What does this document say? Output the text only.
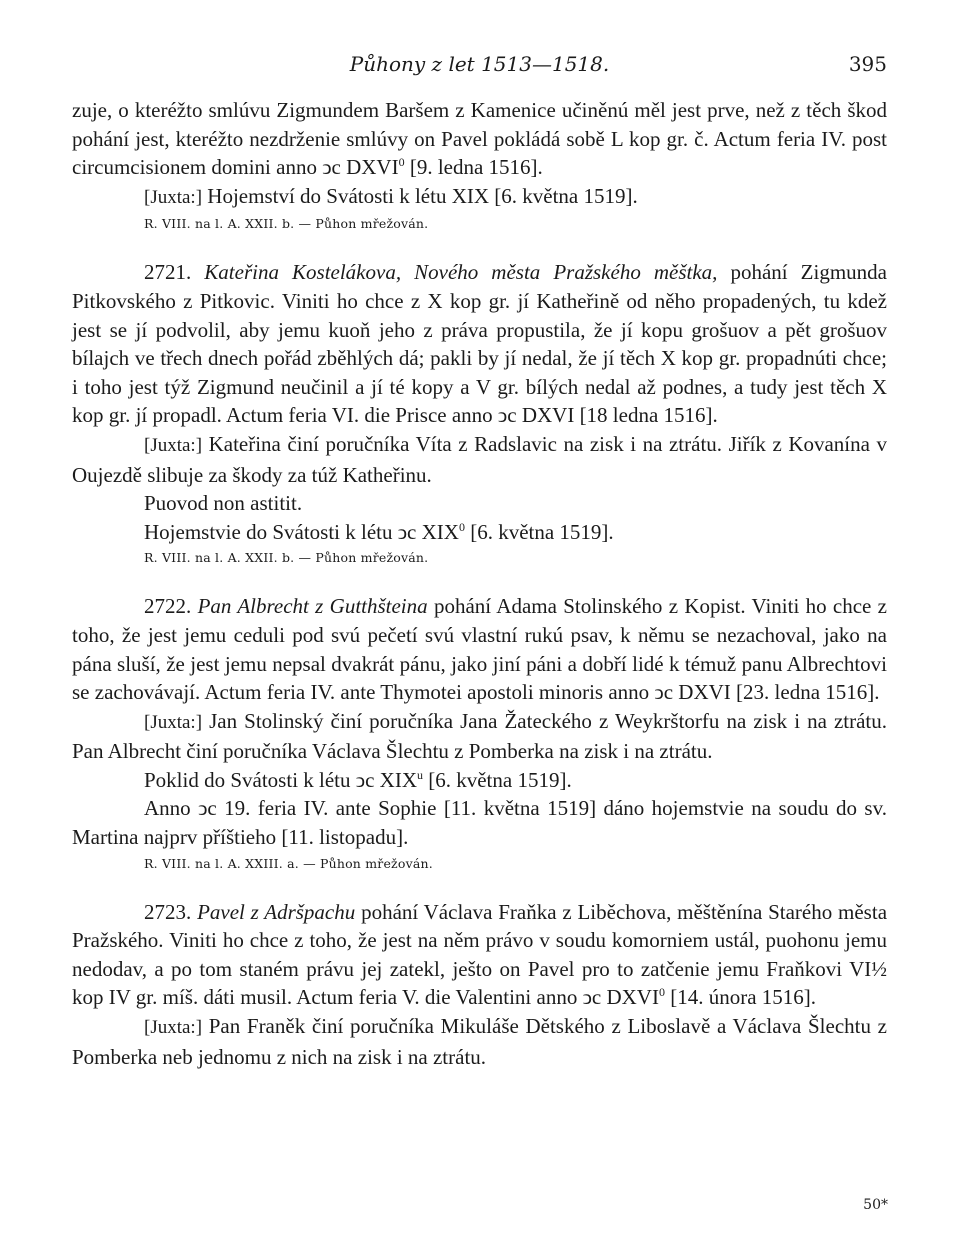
Půhony z let 1513—1518.	395

zuje, o kteréžto smlúvu Zigmundem Baršem z Kamenice učiněnú měl jest prve, než z těch škod pohání jest, kteréžto nezdrženie smlúvy on Pavel pokládá sobě L kop gr. č. Actum feria IV. post circumcisionem domini anno ↄc DXVI$^0$ [9. ledna 1516].

[Juxta:] Hojemství do Svátosti k létu XIX [6. května 1519].

R. VIII. na l. A. XXII. b. — Půhon mřežován.

2721. Kateřina Kostelákova, Nového města Pražského měštka, pohání Zigmunda Pitkovského z Pitkovic. Viniti ho chce z X kop gr. jí Katheřině od něho propadených, tu kdež jest se jí podvolil, aby jemu kuoň jeho z práva propustila, že jí kopu grošuov a pět grošuov bílajch ve třech dnech pořád zběhlých dá; pakli by jí nedal, že jí těch X kop gr. propadnúti chce; i toho jest týž Zigmund neučinil a jí té kopy a V gr. bílých nedal až podnes, a tudy jest těch X kop gr. jí propadl. Actum feria VI. die Prisce anno ↄc DXVI [18 ledna 1516].

[Juxta:] Kateřina činí poručníka Víta z Radslavic na zisk i na ztrátu. Jiřík z Kovanína v Oujezdě slibuje za škody za túž Katheřinu.

Puovod non astitit.

Hojemstvie do Svátosti k létu ↄc XIX$^0$ [6. května 1519].

R. VIII. na l. A. XXII. b. — Půhon mřežován.

2722. Pan Albrecht z Gutthšteina pohání Adama Stolinského z Kopist. Viniti ho chce z toho, že jest jemu ceduli pod svú pečetí svú vlastní rukú psav, k němu se nezachoval, jako na pána sluší, že jest jemu nepsal dvakrát pánu, jako jiní páni a dobří lidé k témuž panu Albrechtovi se zachovávají. Actum feria IV. ante Thymotei apostoli minoris anno ↄc DXVI [23. ledna 1516].

[Juxta:] Jan Stolinský činí poručníka Jana Žateckého z Weykrštorfu na zisk i na ztrátu. Pan Albrecht činí poručníka Václava Šlechtu z Pomberka na zisk i na ztrátu.

Poklid do Svátosti k létu ↄc XIX$^u$ [6. května 1519].

Anno ↄc 19. feria IV. ante Sophie [11. května 1519] dáno hojemstvie na soudu do sv. Martina najprv příštieho [11. listopadu].

R. VIII. na l. A. XXIII. a. — Půhon mřežován.

2723. Pavel z Adršpachu pohání Václava Fraňka z Liběchova, měštěnína Starého města Pražského. Viniti ho chce z toho, že jest na něm právo v soudu komorniem ustál, puohonu jemu nedodav, a po tom staném právu jej zatekl, ješto on Pavel pro to zatčenie jemu Fraňkovi VI½ kop IV gr. míš. dáti musil. Actum feria V. die Valentini anno ↄc DXVI$^0$ [14. února 1516].

[Juxta:] Pan Franěk činí poručníka Mikuláše Dětského z Liboslavě a Václava Šlechtu z Pomberka neb jednomu z nich na zisk i na ztrátu.

50*
